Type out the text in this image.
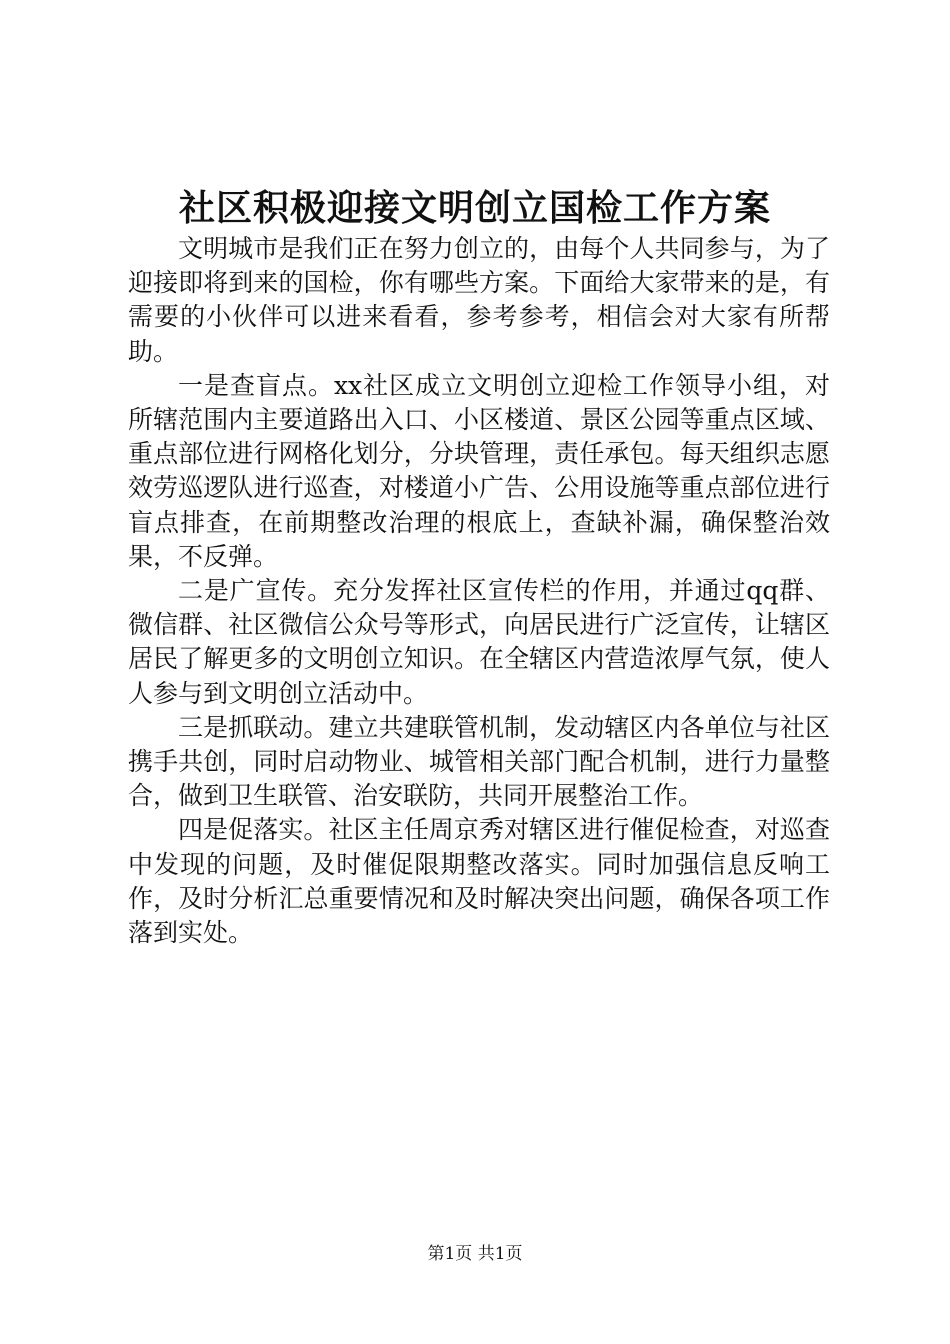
社区积极迎接文明创立国检工作方案

文明城市是我们正在努力创立的，由每个人共同参与，为了迎接即将到来的国检，你有哪些方案。下面给大家带来的是，有需要的小伙伴可以进来看看，参考参考，相信会对大家有所帮助。

一是查盲点。xx社区成立文明创立迎检工作领导小组，对所辖范围内主要道路出入口、小区楼道、景区公园等重点区域、重点部位进行网格化划分，分块管理，责任承包。每天组织志愿效劳巡逻队进行巡查，对楼道小广告、公用设施等重点部位进行盲点排查，在前期整改治理的根底上，查缺补漏，确保整治效果，不反弹。

二是广宣传。充分发挥社区宣传栏的作用，并通过qq群、微信群、社区微信公众号等形式，向居民进行广泛宣传，让辖区居民了解更多的文明创立知识。在全辖区内营造浓厚气氛，使人人参与到文明创立活动中。

三是抓联动。建立共建联管机制，发动辖区内各单位与社区携手共创，同时启动物业、城管相关部门配合机制，进行力量整合，做到卫生联管、治安联防，共同开展整治工作。

四是促落实。社区主任周京秀对辖区进行催促检查，对巡查中发现的问题，及时催促限期整改落实。同时加强信息反响工作，及时分析汇总重要情况和及时解决突出问题，确保各项工作落到实处。

第1页 共1页
